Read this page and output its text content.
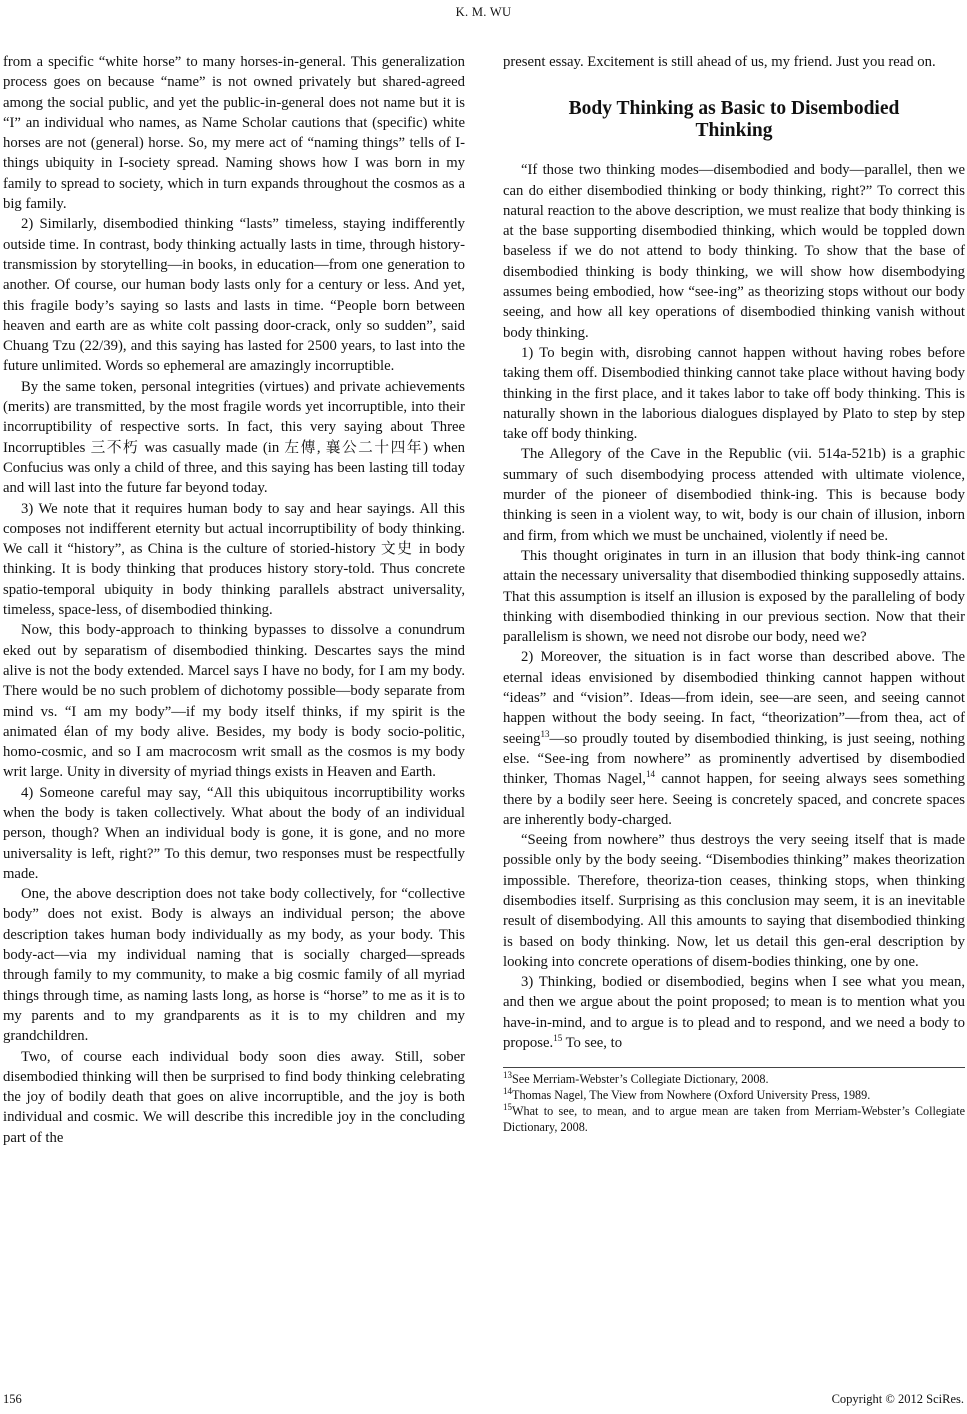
K. M. WU

from a specific “white horse” to many horses-in-general. This generalization process goes on because “name” is not owned privately but shared-agreed among the social public, and yet the public-in-general does not name but it is “I” an individual who names, as Name Scholar cautions that (specific) white horses are not (general) horse. So, my mere act of “naming things” tells of I-things ubiquity in I-society spread. Naming shows how I was born in my family to spread to society, which in turn expands throughout the cosmos as a big family.

2) Similarly, disembodied thinking “lasts” timeless, staying indifferently outside time. In contrast, body thinking actually lasts in time, through history-transmission by storytelling—in books, in education—from one generation to another. Of course, our human body lasts only for a century or less. And yet, this fragile body’s saying so lasts and lasts in time. “People born between heaven and earth are as white colt passing door-crack, only so sudden”, said Chuang Tzu (22/39), and this saying has lasted for 2500 years, to last into the future unlimited. Words so ephemeral are amazingly incorruptible.

By the same token, personal integrities (virtues) and private achievements (merits) are transmitted, by the most fragile words yet incorruptible, into their incorruptibility of respective sorts. In fact, this very saying about Three Incorruptibles 三不朽 was casually made (in 左傳, 襄公二十四年) when Confucius was only a child of three, and this saying has been lasting till today and will last into the future far beyond today.

3) We note that it requires human body to say and hear sayings. All this composes not indifferent eternity but actual incorruptibility of body thinking. We call it “history”, as China is the culture of storied-history 文史 in body thinking. It is body thinking that produces history story-told. Thus concrete spatio-temporal ubiquity in body thinking parallels abstract universality, timeless, space-less, of disembodied thinking.

Now, this body-approach to thinking bypasses to dissolve a conundrum eked out by separatism of disembodied thinking. Descartes says the mind alive is not the body extended. Marcel says I have no body, for I am my body. There would be no such problem of dichotomy possible—body separate from mind vs. “I am my body”—if my body itself thinks, if my spirit is the animated élan of my body alive. Besides, my body is body socio-politic, homo-cosmic, and so I am macrocosm writ small as the cosmos is my body writ large. Unity in diversity of myriad things exists in Heaven and Earth.

4) Someone careful may say, “All this ubiquitous incorruptibility works when the body is taken collectively. What about the body of an individual person, though? When an individual body is gone, it is gone, and no more universality is left, right?” To this demur, two responses must be respectfully made.

One, the above description does not take body collectively, for “collective body” does not exist. Body is always an individual person; the above description takes human body individually as my body, as your body. This body-act—via my individual naming that is socially charged—spreads through family to my community, to make a big cosmic family of all myriad things through time, as naming lasts long, as horse is “horse” to me as it is to my parents and to my grandparents as it is to my children and my grandchildren.

Two, of course each individual body soon dies away. Still, sober disembodied thinking will then be surprised to find body thinking celebrating the joy of bodily death that goes on alive incorruptible, and the joy is both individual and cosmic. We will describe this incredible joy in the concluding part of the

present essay. Excitement is still ahead of us, my friend. Just you read on.

Body Thinking as Basic to Disembodied
Thinking

“If those two thinking modes—disembodied and body—parallel, then we can do either disembodied thinking or body thinking, right?” To correct this natural reaction to the above description, we must realize that body thinking is at the base supporting disembodied thinking, which would be toppled down baseless if we do not attend to body thinking. To show that the base of disembodied thinking is body thinking, we will show how disembodying assumes being embodied, how “see-ing” as theorizing stops without our body seeing, and how all key operations of disembodied thinking vanish without body thinking.

1) To begin with, disrobing cannot happen without having robes before taking them off. Disembodied thinking cannot take place without having body thinking in the first place, and it takes labor to take off body thinking. This is naturally shown in the laborious dialogues displayed by Plato to step by step take off body thinking.

The Allegory of the Cave in the Republic (vii. 514a-521b) is a graphic summary of such disembodying process attended with ultimate violence, murder of the pioneer of disembodied think-ing. This is because body thinking is seen in a violent way, to wit, body is our chain of illusion, inborn and firm, from which we must be unchained, violently if need be.

This thought originates in turn in an illusion that body think-ing cannot attain the necessary universality that disembodied thinking supposedly attains. That this assumption is itself an illusion is exposed by the paralleling of body thinking with disembodied thinking in our previous section. Now that their parallelism is shown, we need not disrobe our body, need we?

2) Moreover, the situation is in fact worse than described above. The eternal ideas envisioned by disembodied thinking cannot happen without “ideas” and “vision”. Ideas—from idein, see—are seen, and seeing cannot happen without the body seeing. In fact, “theorization”—from thea, act of seeing$^{13}$—so proudly touted by disembodied thinking, is just seeing, nothing else. “See-ing from nowhere” as prominently advertised by disembodied thinker, Thomas Nagel,$^{14}$ cannot happen, for seeing always sees something there by a bodily seer here. Seeing is concretely spaced, and concrete spaces are inherently body-charged.

“Seeing from nowhere” thus destroys the very seeing itself that is made possible only by the body seeing. “Disembodies thinking” makes theorization impossible. Therefore, theoriza-tion ceases, thinking stops, when thinking disembodies itself. Surprising as this conclusion may seem, it is an inevitable result of disembodying. All this amounts to saying that disembodied thinking is based on body thinking. Now, let us detail this gen-eral description by looking into concrete operations of disem-bodies thinking, one by one.

3) Thinking, bodied or disembodied, begins when I see what you mean, and then we argue about the point proposed; to mean is to mention what you have-in-mind, and to argue is to plead and to respond, and we need a body to propose.$^{15}$ To see, to

$^{13}$See Merriam-Webster’s Collegiate Dictionary, 2008.

$^{14}$Thomas Nagel, The View from Nowhere (Oxford University Press, 1989.

$^{15}$What to see, to mean, and to argue mean are taken from Merriam-Webster’s Collegiate Dictionary, 2008.

156	Copyright © 2012 SciRes.
